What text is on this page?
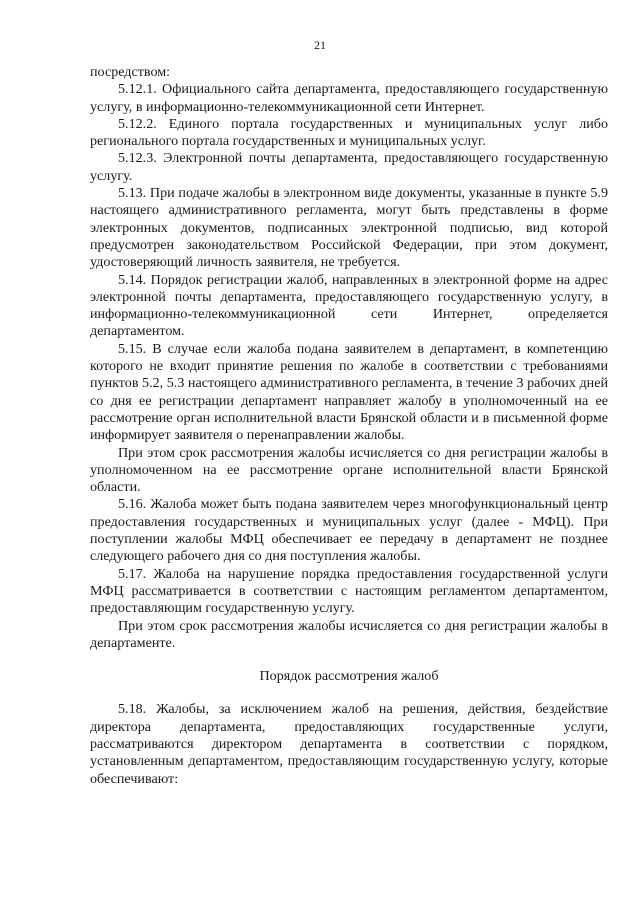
21

посредством:

5.12.1. Официального сайта департамента, предоставляющего государственную услугу, в информационно-телекоммуникационной сети Интернет.

5.12.2. Единого портала государственных и муниципальных услуг либо регионального портала государственных и муниципальных услуг.

5.12.3. Электронной почты департамента, предоставляющего государственную услугу.

5.13. При подаче жалобы в электронном виде документы, указанные в пункте 5.9 настоящего административного регламента, могут быть представлены в форме электронных документов, подписанных электронной подписью, вид которой предусмотрен законодательством Российской Федерации, при этом документ, удостоверяющий личность заявителя, не требуется.

5.14. Порядок регистрации жалоб, направленных в электронной форме на адрес электронной почты департамента, предоставляющего государственную услугу, в информационно-телекоммуникационной сети Интернет, определяется департаментом.

5.15. В случае если жалоба подана заявителем в департамент, в компетенцию которого не входит принятие решения по жалобе в соответствии с требованиями пунктов 5.2, 5.3 настоящего административного регламента, в течение 3 рабочих дней со дня ее регистрации департамент направляет жалобу в уполномоченный на ее рассмотрение орган исполнительной власти Брянской области и в письменной форме информирует заявителя о перенаправлении жалобы.

При этом срок рассмотрения жалобы исчисляется со дня регистрации жалобы в уполномоченном на ее рассмотрение органе исполнительной власти Брянской области.

5.16. Жалоба может быть подана заявителем через многофункциональный центр предоставления государственных и муниципальных услуг (далее - МФЦ). При поступлении жалобы МФЦ обеспечивает ее передачу в департамент не позднее следующего рабочего дня со дня поступления жалобы.

5.17. Жалоба на нарушение порядка предоставления государственной услуги МФЦ рассматривается в соответствии с настоящим регламентом департаментом, предоставляющим государственную услугу.

При этом срок рассмотрения жалобы исчисляется со дня регистрации жалобы в департаменте.

Порядок рассмотрения жалоб

5.18. Жалобы, за исключением жалоб на решения, действия, бездействие директора департамента, предоставляющих государственные услуги, рассматриваются директором департамента в соответствии с порядком, установленным департаментом, предоставляющим государственную услугу, которые обеспечивают:
